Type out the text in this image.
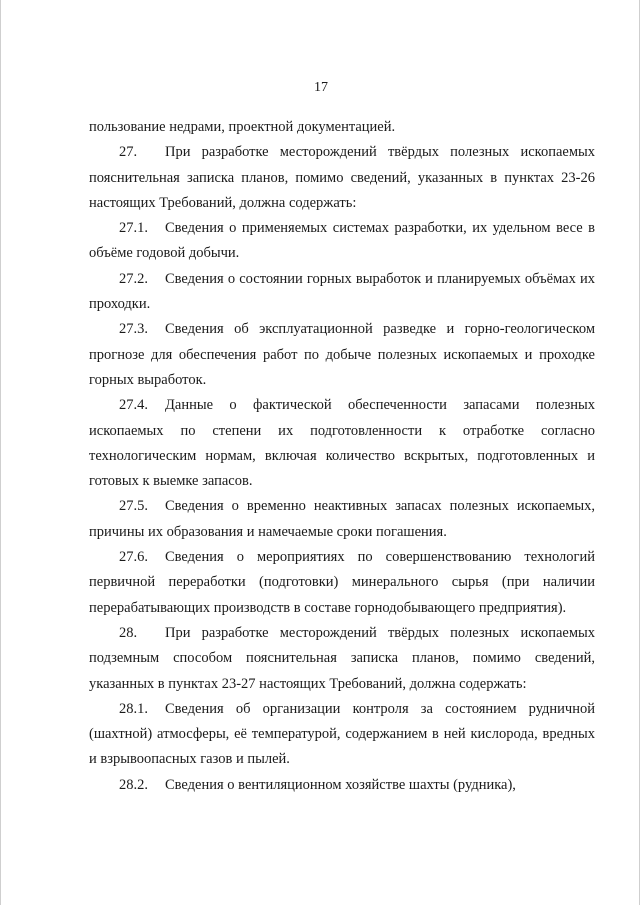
17

пользование недрами, проектной документацией.

27. При разработке месторождений твёрдых полезных ископаемых пояснительная записка планов, помимо сведений, указанных в пунктах 23-26 настоящих Требований, должна содержать:

27.1. Сведения о применяемых системах разработки, их удельном весе в объёме годовой добычи.

27.2. Сведения о состоянии горных выработок и планируемых объёмах их проходки.

27.3. Сведения об эксплуатационной разведке и горно-геологическом прогнозе для обеспечения работ по добыче полезных ископаемых и проходке горных выработок.

27.4. Данные о фактической обеспеченности запасами полезных ископаемых по степени их подготовленности к отработке согласно технологическим нормам, включая количество вскрытых, подготовленных и готовых к выемке запасов.

27.5. Сведения о временно неактивных запасах полезных ископаемых, причины их образования и намечаемые сроки погашения.

27.6. Сведения о мероприятиях по совершенствованию технологий первичной переработки (подготовки) минерального сырья (при наличии перерабатывающих производств в составе горнодобывающего предприятия).

28. При разработке месторождений твёрдых полезных ископаемых подземным способом пояснительная записка планов, помимо сведений, указанных в пунктах 23-27 настоящих Требований, должна содержать:

28.1. Сведения об организации контроля за состоянием рудничной (шахтной) атмосферы, её температурой, содержанием в ней кислорода, вредных и взрывоопасных газов и пылей.

28.2. Сведения о вентиляционном хозяйстве шахты (рудника),
